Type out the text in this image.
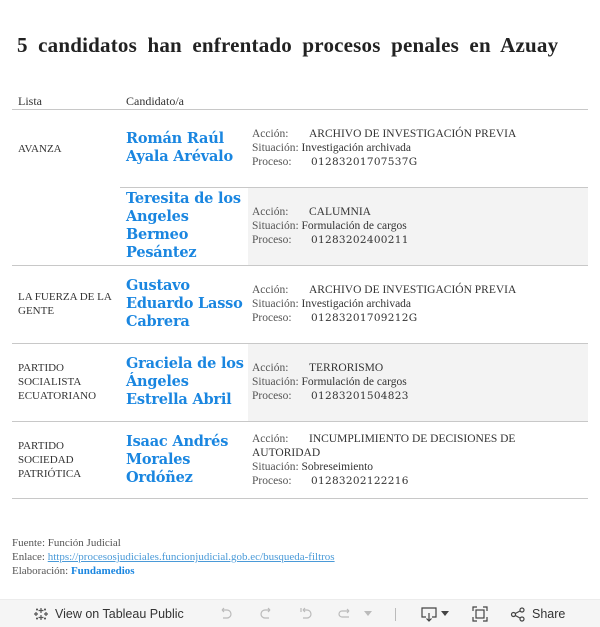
5 candidatos han enfrentado procesos penales en Azuay
Lista	Candidato/a
AVANZA
Román Raúl Ayala Arévalo
Acción: ARCHIVO DE INVESTIGACIÓN PREVIA
Situación: Investigación archivada
Proceso: 01283201707537G
Teresita de los Angeles Bermeo Pesántez
Acción: CALUMNIA
Situación: Formulación de cargos
Proceso: 01283202400211
LA FUERZA DE LA GENTE
Gustavo Eduardo Lasso Cabrera
Acción: ARCHIVO DE INVESTIGACIÓN PREVIA
Situación: Investigación archivada
Proceso: 01283201709212G
PARTIDO SOCIALISTA ECUATORIANO
Graciela de los Ángeles Estrella Abril
Acción: TERRORISMO
Situación: Formulación de cargos
Proceso: 01283201504823
PARTIDO SOCIEDAD PATRIÓTICA
Isaac Andrés Morales Ordóñez
Acción: INCUMPLIMIENTO DE DECISIONES DE AUTORIDAD
Situación: Sobreseimiento
Proceso: 01283202122216
Fuente: Función Judicial
Enlace: https://procesosjudiciales.funcionjudicial.gob.ec/busqueda-filtros
Elaboración: Fundamedios
View on Tableau Public	Share
